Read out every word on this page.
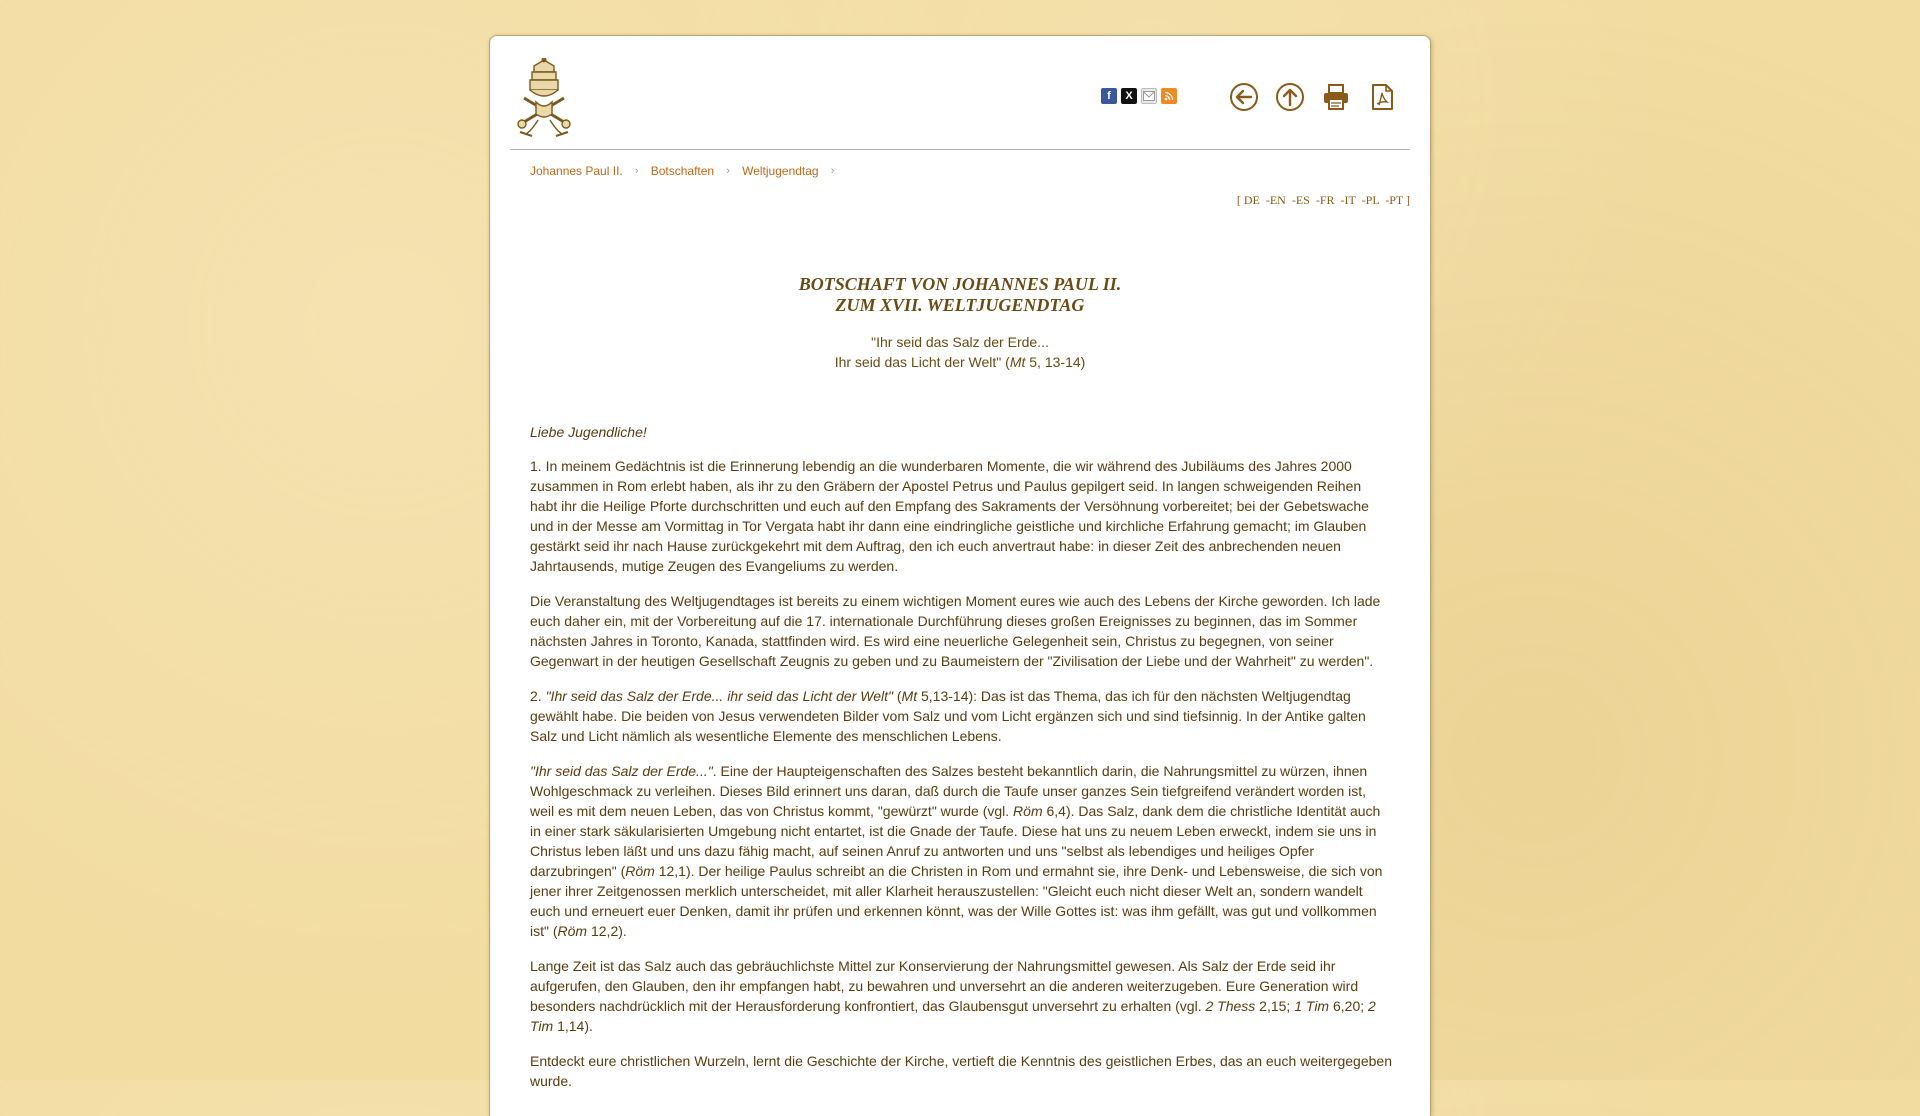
f X
Johannes Paul II.	›	Botschaften	›	Weltjugendtag	›
[ DE  -EN  -ES  -FR  -IT  -PL  -PT ]
BOTSCHAFT VON JOHANNES PAUL II.
ZUM XVII. WELTJUGENDTAG
"Ihr seid das Salz der Erde...
Ihr seid das Licht der Welt" (Mt 5, 13-14)

Liebe Jugendliche!

1. In meinem Gedächtnis ist die Erinnerung lebendig an die wunderbaren Momente, die wir während des Jubiläums des Jahres 2000 zusammen in Rom erlebt haben, als ihr zu den Gräbern der Apostel Petrus und Paulus gepilgert seid. In langen schweigenden Reihen habt ihr die Heilige Pforte durchschritten und euch auf den Empfang des Sakraments der Versöhnung vorbereitet; bei der Gebetswache und in der Messe am Vormittag in Tor Vergata habt ihr dann eine eindringliche geistliche und kirchliche Erfahrung gemacht; im Glauben gestärkt seid ihr nach Hause zurückgekehrt mit dem Auftrag, den ich euch anvertraut habe: in dieser Zeit des anbrechenden neuen Jahrtausends, mutige Zeugen des Evangeliums zu werden.

Die Veranstaltung des Weltjugendtages ist bereits zu einem wichtigen Moment eures wie auch des Lebens der Kirche geworden. Ich lade euch daher ein, mit der Vorbereitung auf die 17. internationale Durchführung dieses großen Ereignisses zu beginnen, das im Sommer nächsten Jahres in Toronto, Kanada, stattfinden wird. Es wird eine neuerliche Gelegenheit sein, Christus zu begegnen, von seiner Gegenwart in der heutigen Gesellschaft Zeugnis zu geben und zu Baumeistern der "Zivilisation der Liebe und der Wahrheit" zu werden".

2. "Ihr seid das Salz der Erde... ihr seid das Licht der Welt" (Mt 5,13-14): Das ist das Thema, das ich für den nächsten Weltjugendtag gewählt habe. Die beiden von Jesus verwendeten Bilder vom Salz und vom Licht ergänzen sich und sind tiefsinnig. In der Antike galten Salz und Licht nämlich als wesentliche Elemente des menschlichen Lebens.

"Ihr seid das Salz der Erde...". Eine der Haupteigenschaften des Salzes besteht bekanntlich darin, die Nahrungsmittel zu würzen, ihnen Wohlgeschmack zu verleihen. Dieses Bild erinnert uns daran, daß durch die Taufe unser ganzes Sein tiefgreifend verändert worden ist, weil es mit dem neuen Leben, das von Christus kommt, "gewürzt" wurde (vgl. Röm 6,4). Das Salz, dank dem die christliche Identität auch in einer stark säkularisierten Umgebung nicht entartet, ist die Gnade der Taufe. Diese hat uns zu neuem Leben erweckt, indem sie uns in Christus leben läßt und uns dazu fähig macht, auf seinen Anruf zu antworten und uns "selbst als lebendiges und heiliges Opfer darzubringen" (Röm 12,1). Der heilige Paulus schreibt an die Christen in Rom und ermahnt sie, ihre Denk- und Lebensweise, die sich von jener ihrer Zeitgenossen merklich unterscheidet, mit aller Klarheit herauszustellen: "Gleicht euch nicht dieser Welt an, sondern wandelt euch und erneuert euer Denken, damit ihr prüfen und erkennen könnt, was der Wille Gottes ist: was ihm gefällt, was gut und vollkommen ist" (Röm 12,2).

Lange Zeit ist das Salz auch das gebräuchlichste Mittel zur Konservierung der Nahrungsmittel gewesen. Als Salz der Erde seid ihr aufgerufen, den Glauben, den ihr empfangen habt, zu bewahren und unversehrt an die anderen weiterzugeben. Eure Generation wird besonders nachdrücklich mit der Herausforderung konfrontiert, das Glaubensgut unversehrt zu erhalten (vgl. 2 Thess 2,15; 1 Tim 6,20; 2 Tim 1,14).

Entdeckt eure christlichen Wurzeln, lernt die Geschichte der Kirche, vertieft die Kenntnis des geistlichen Erbes, das an euch weitergegeben wurde.
